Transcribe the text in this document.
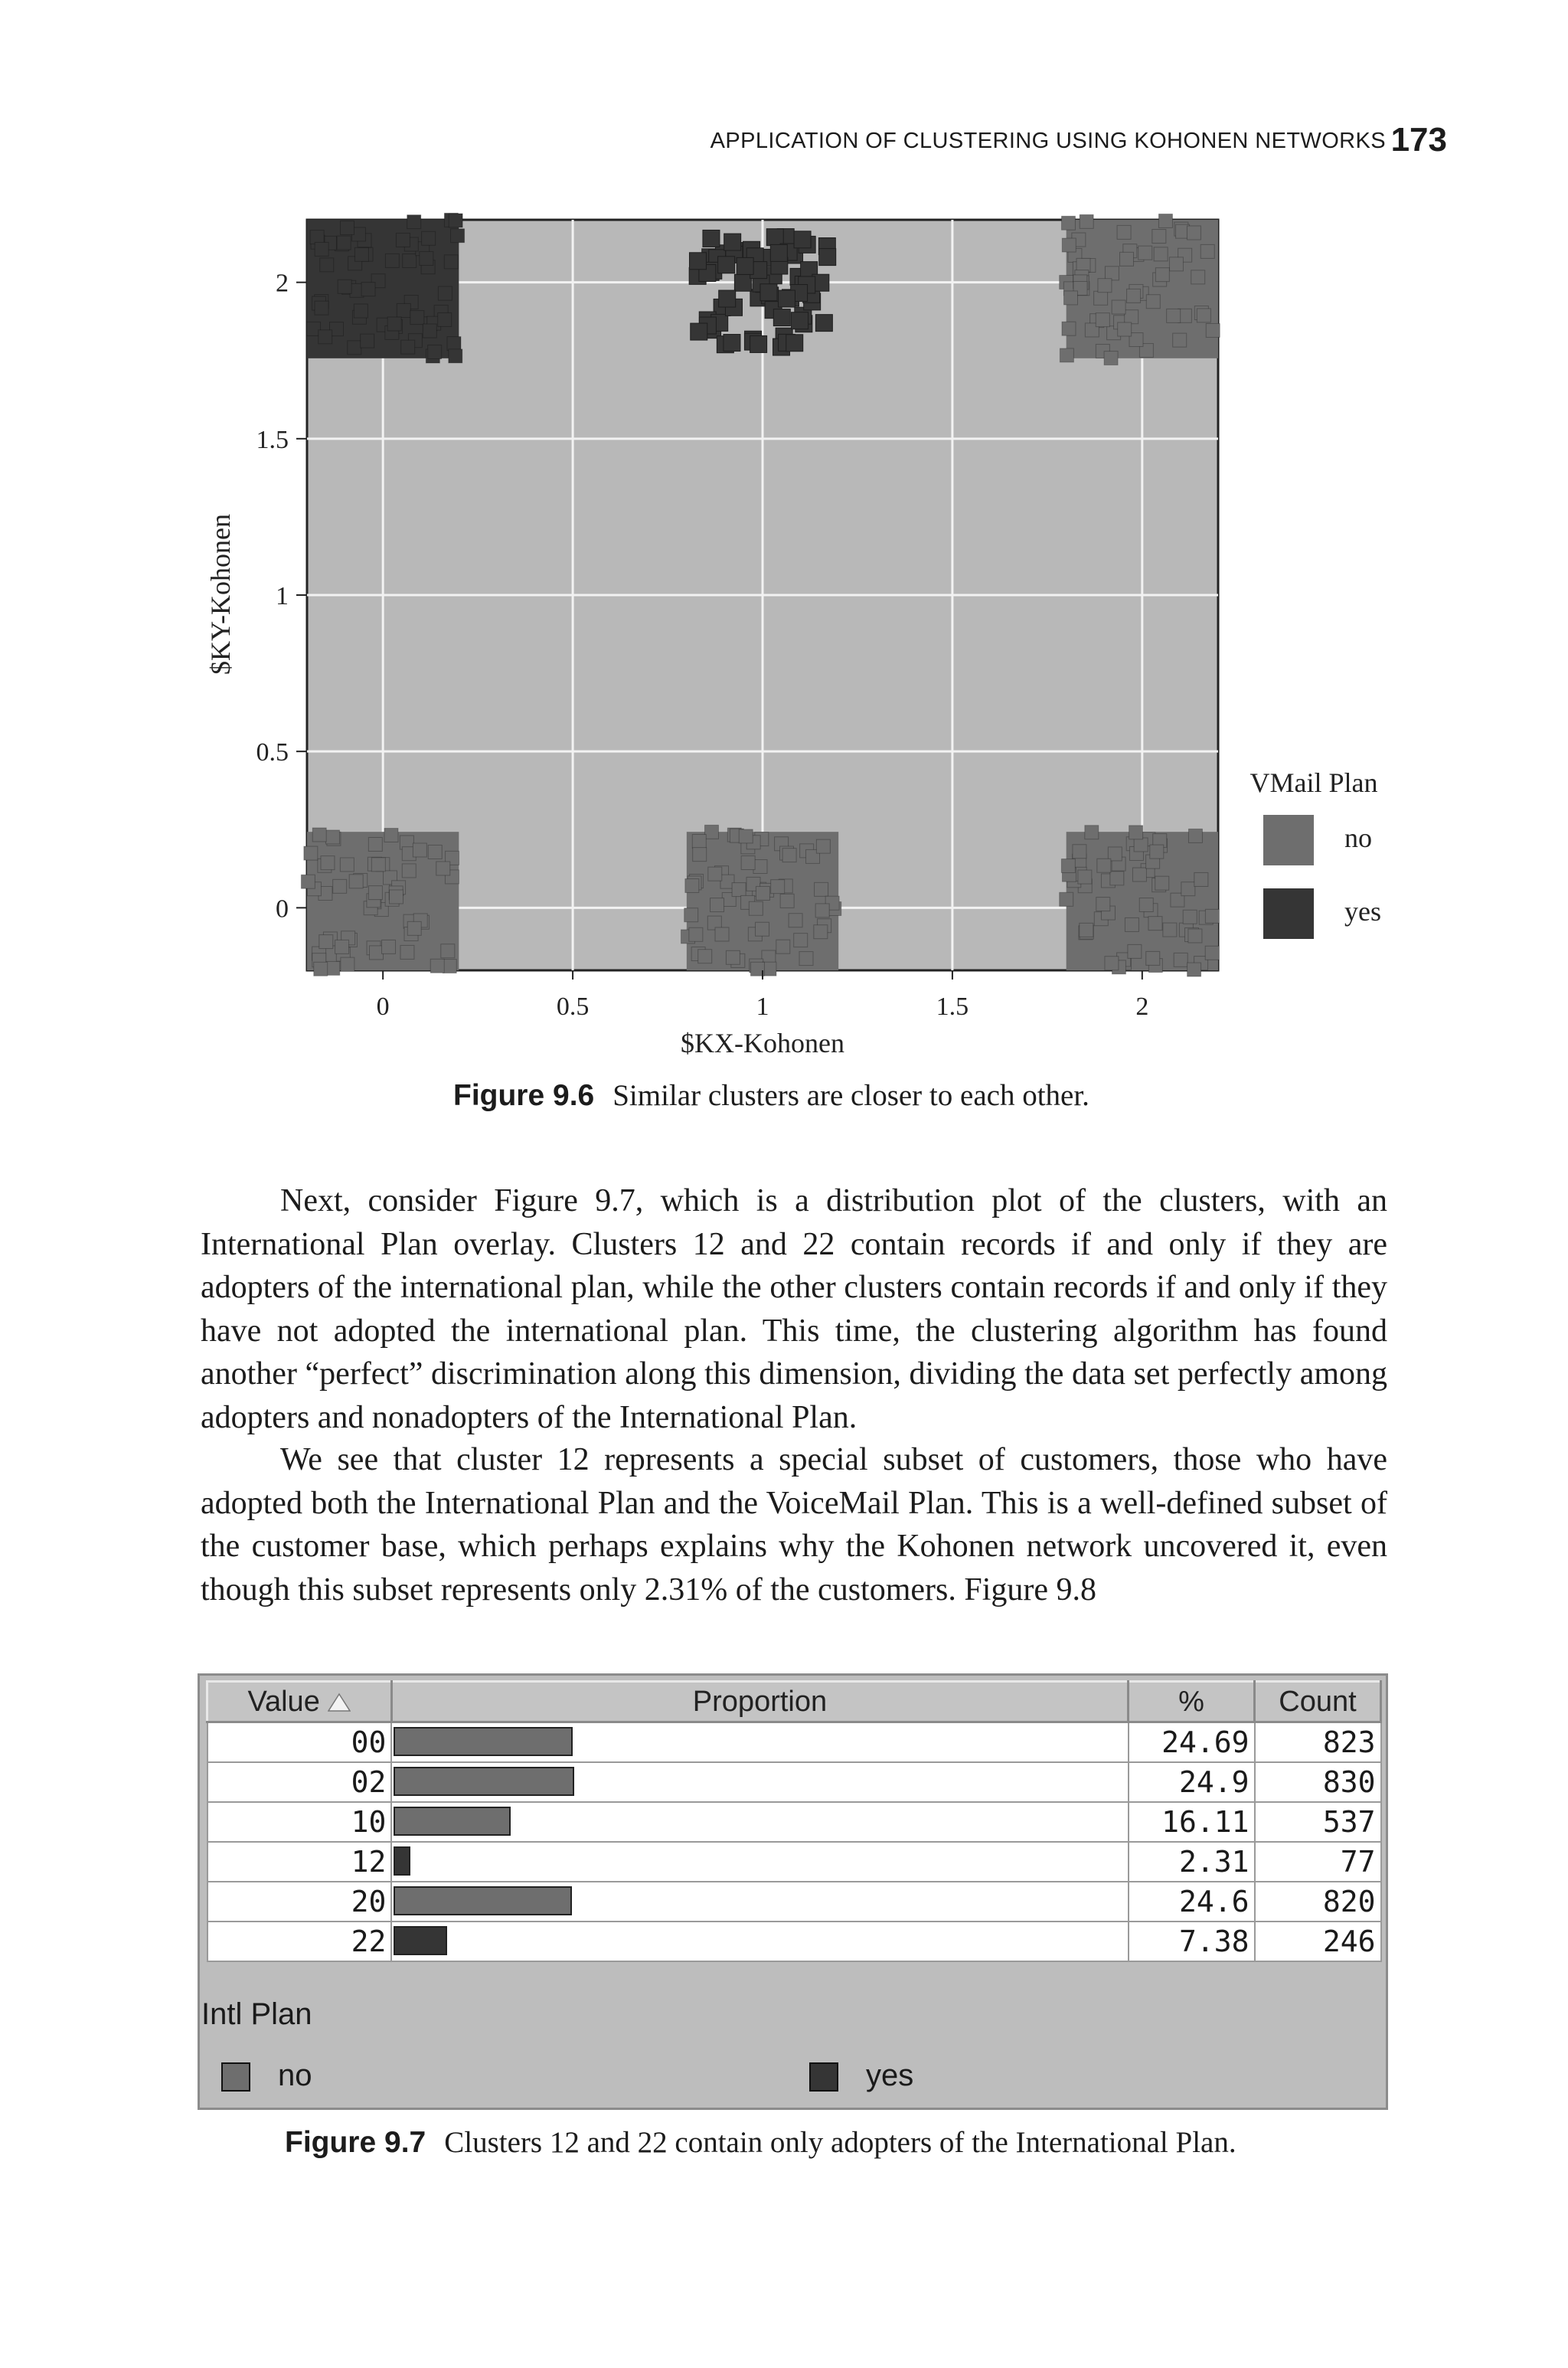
APPLICATION OF CLUSTERING USING KOHONEN NETWORKS 173
0	0.5	1	1.5	2
0
0.5
1
1.5
2
$KX-Kohonen
$KY-Kohonen
VMail Plan
no
yes
Figure 9.6 Similar clusters are closer to each other.

Next, consider Figure 9.7, which is a distribution plot of the clusters, with an International Plan overlay. Clusters 12 and 22 contain records if and only if they are adopters of the international plan, while the other clusters contain records if and only if they have not adopted the international plan. This time, the clustering algorithm has found another “perfect” discrimination along this dimension, dividing the data set perfectly among adopters and nonadopters of the International Plan.

We see that cluster 12 represents a special subset of customers, those who have adopted both the International Plan and the VoiceMail Plan. This is a well-defined subset of the customer base, which perhaps explains why the Kohonen network uncovered it, even though this subset represents only 2.31% of the customers. Figure 9.8

Value	Proportion	%	Count
00		24.69	823
02		24.9	830
10		16.11	537
12		2.31	77
20		24.6	820
22		7.38	246
Intl Plan
no	yes
Figure 9.7 Clusters 12 and 22 contain only adopters of the International Plan.
